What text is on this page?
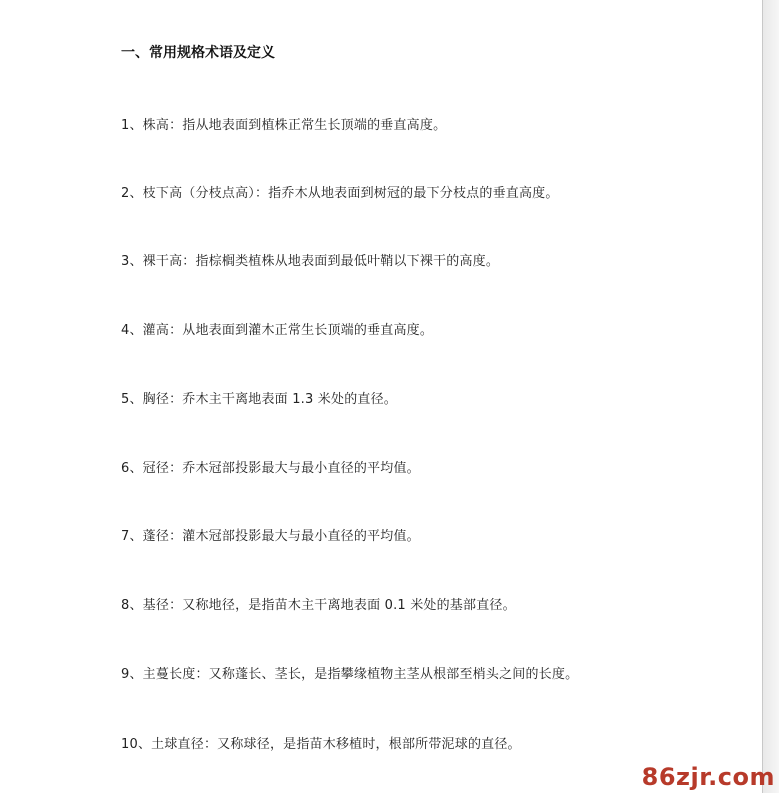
一、常用规格术语及定义
1、株高：指从地表面到植株正常生长顶端的垂直高度。
2、枝下高（分枝点高）：指乔木从地表面到树冠的最下分枝点的垂直高度。
3、裸干高：指棕榈类植株从地表面到最低叶鞘以下裸干的高度。
4、灌高：从地表面到灌木正常生长顶端的垂直高度。
5、胸径：乔木主干离地表面 1.3 米处的直径。
6、冠径：乔木冠部投影最大与最小直径的平均值。
7、蓬径：灌木冠部投影最大与最小直径的平均值。
8、基径：又称地径，是指苗木主干离地表面 0.1 米处的基部直径。
9、主蔓长度：又称蓬长、茎长，是指攀缘植物主茎从根部至梢头之间的长度。
10、土球直径：又称球径，是指苗木移植时，根部所带泥球的直径。
86zjr.com
